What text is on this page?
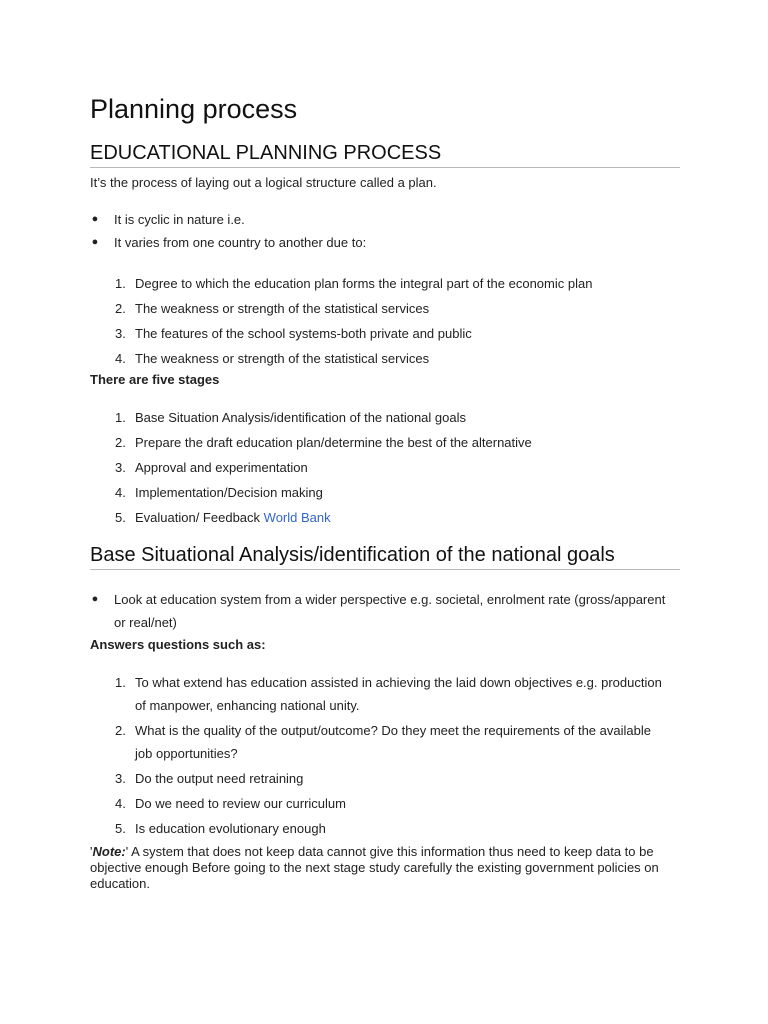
Planning process
EDUCATIONAL PLANNING PROCESS

It’s the process of laying out a logical structure called a plan.

● It is cyclic in nature i.e.
● It varies from one country to another due to:
1. Degree to which the education plan forms the integral part of the economic plan
2. The weakness or strength of the statistical services
3. The features of the school systems-both private and public
4. The weakness or strength of the statistical services

There are five stages

1. Base Situation Analysis/identification of the national goals
2. Prepare the draft education plan/determine the best of the alternative
3. Approval and experimentation
4. Implementation/Decision making
5. Evaluation/ Feedback World Bank
Base Situational Analysis/identification of the national goals
● Look at education system from a wider perspective e.g. societal, enrolment rate (gross/apparent
or real/net)

Answers questions such as:

1. To what extend has education assisted in achieving the laid down objectives e.g. production
of manpower, enhancing national unity.
2. What is the quality of the output/outcome? Do they meet the requirements of the available
job opportunities?
3. Do the output need retraining
4. Do we need to review our curriculum
5. Is education evolutionary enough

'Note:' A system that does not keep data cannot give this information thus need to keep data to be objective enough Before going to the next stage study carefully the existing government policies on education.
